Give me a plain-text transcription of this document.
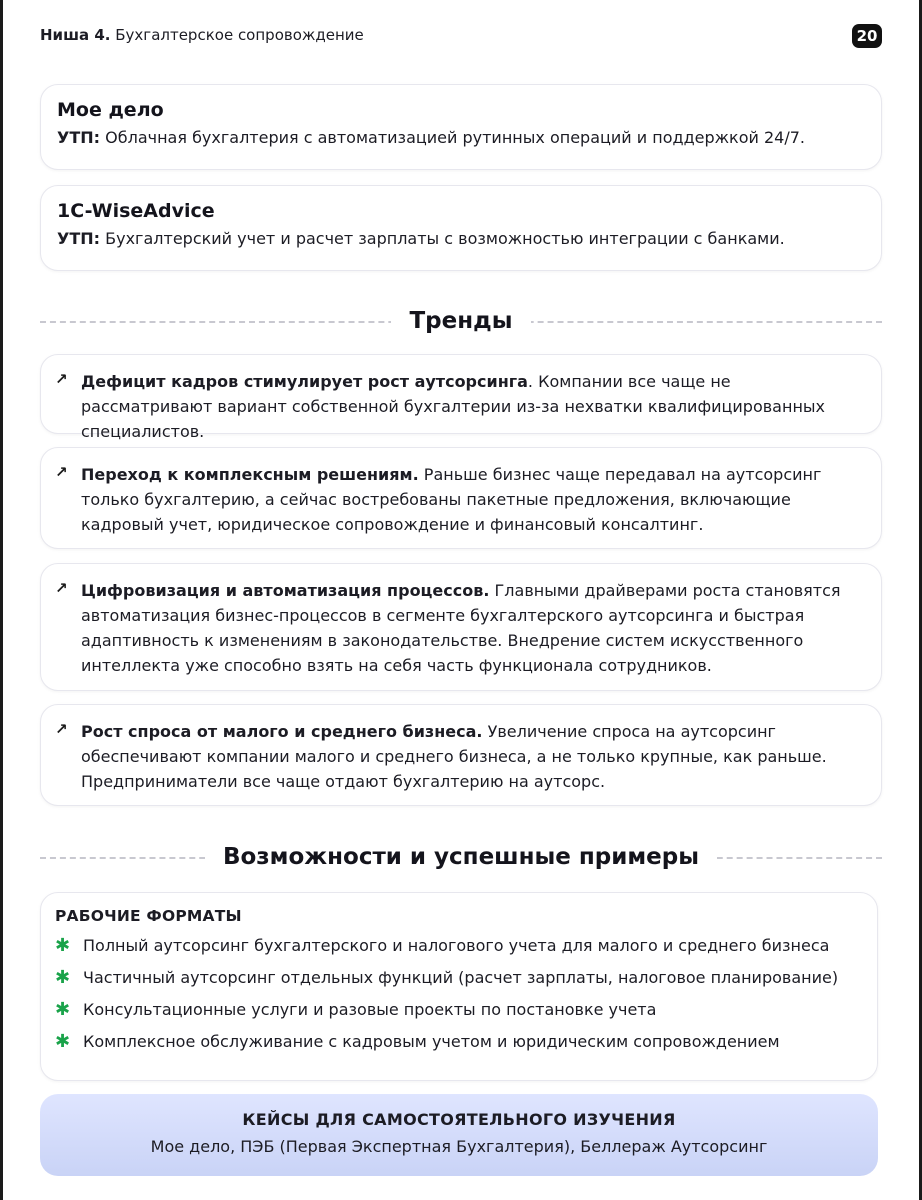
Ниша 4. Бухгалтерское сопровождение	20
Мое дело
УТП: Облачная бухгалтерия с автоматизацией рутинных операций и поддержкой 24/7.
1C-WiseAdvice
УТП: Бухгалтерский учет и расчет зарплаты с возможностью интеграции с банками.
Тренды
↗ Дефицит кадров стимулирует рост аутсорсинга. Компании все чаще не рассматривают вариант собственной бухгалтерии из-за нехватки квалифицированных специалистов.
↗ Переход к комплексным решениям. Раньше бизнес чаще передавал на аутсорсинг только бухгалтерию, а сейчас востребованы пакетные предложения, включающие кадровый учет, юридическое сопровождение и финансовый консалтинг.
↗ Цифровизация и автоматизация процессов. Главными драйверами роста становятся автоматизация бизнес-процессов в сегменте бухгалтерского аутсорсинга и быстрая адаптивность к изменениям в законодательстве. Внедрение систем искусственного интеллекта уже способно взять на себя часть функционала сотрудников.
↗ Рост спроса от малого и среднего бизнеса. Увеличение спроса на аутсорсинг обеспечивают компании малого и среднего бизнеса, а не только крупные, как раньше. Предприниматели все чаще отдают бухгалтерию на аутсорс.
Возможности и успешные примеры
РАБОЧИЕ ФОРМАТЫ
✱ Полный аутсорсинг бухгалтерского и налогового учета для малого и среднего бизнеса
✱ Частичный аутсорсинг отдельных функций (расчет зарплаты, налоговое планирование)
✱ Консультационные услуги и разовые проекты по постановке учета
✱ Комплексное обслуживание с кадровым учетом и юридическим сопровождением
КЕЙСЫ ДЛЯ САМОСТОЯТЕЛЬНОГО ИЗУЧЕНИЯ
Мое дело, ПЭБ (Первая Экспертная Бухгалтерия), Беллераж Аутсорсинг
